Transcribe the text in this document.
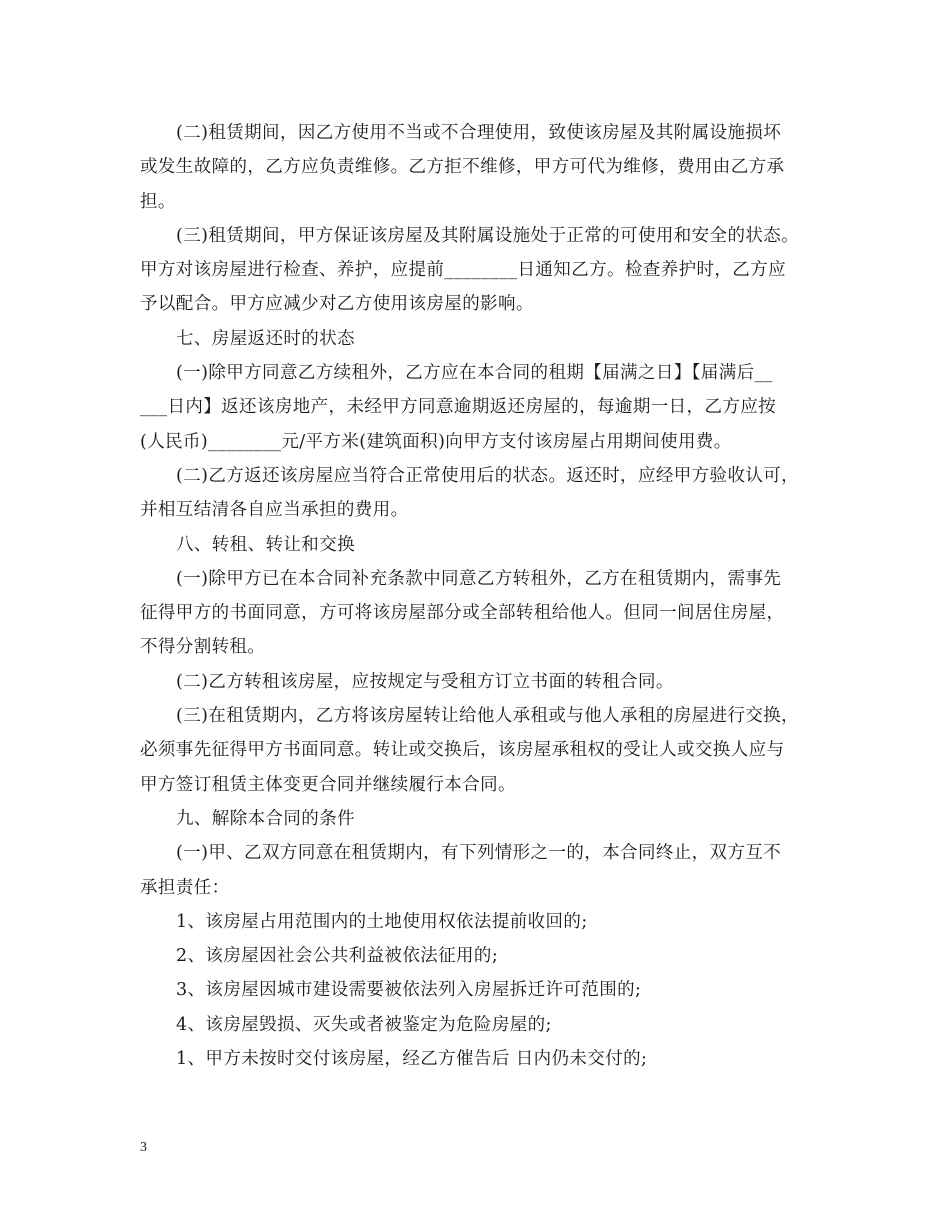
(二)租赁期间，因乙方使用不当或不合理使用，致使该房屋及其附属设施损坏
或发生故障的，乙方应负责维修。乙方拒不维修，甲方可代为维修，费用由乙方承
担。
(三)租赁期间，甲方保证该房屋及其附属设施处于正常的可使用和安全的状态。
甲方对该房屋进行检查、养护，应提前________日通知乙方。检查养护时，乙方应
予以配合。甲方应减少对乙方使用该房屋的影响。
七、房屋返还时的状态
(一)除甲方同意乙方续租外，乙方应在本合同的租期【届满之日】【届满后__
___日内】返还该房地产，未经甲方同意逾期返还房屋的，每逾期一日，乙方应按
(人民币)________元/平方米(建筑面积)向甲方支付该房屋占用期间使用费。
(二)乙方返还该房屋应当符合正常使用后的状态。返还时，应经甲方验收认可，
并相互结清各自应当承担的费用。
八、转租、转让和交换
(一)除甲方已在本合同补充条款中同意乙方转租外，乙方在租赁期内，需事先
征得甲方的书面同意，方可将该房屋部分或全部转租给他人。但同一间居住房屋，
不得分割转租。
(二)乙方转租该房屋，应按规定与受租方订立书面的转租合同。
(三)在租赁期内，乙方将该房屋转让给他人承租或与他人承租的房屋进行交换，
必须事先征得甲方书面同意。转让或交换后，该房屋承租权的受让人或交换人应与
甲方签订租赁主体变更合同并继续履行本合同。
九、解除本合同的条件
(一)甲、乙双方同意在租赁期内，有下列情形之一的，本合同终止，双方互不
承担责任：
1、该房屋占用范围内的土地使用权依法提前收回的;
2、该房屋因社会公共利益被依法征用的;
3、该房屋因城市建设需要被依法列入房屋拆迁许可范围的;
4、该房屋毁损、灭失或者被鉴定为危险房屋的;
1、甲方未按时交付该房屋，经乙方催告后 日内仍未交付的;
3
